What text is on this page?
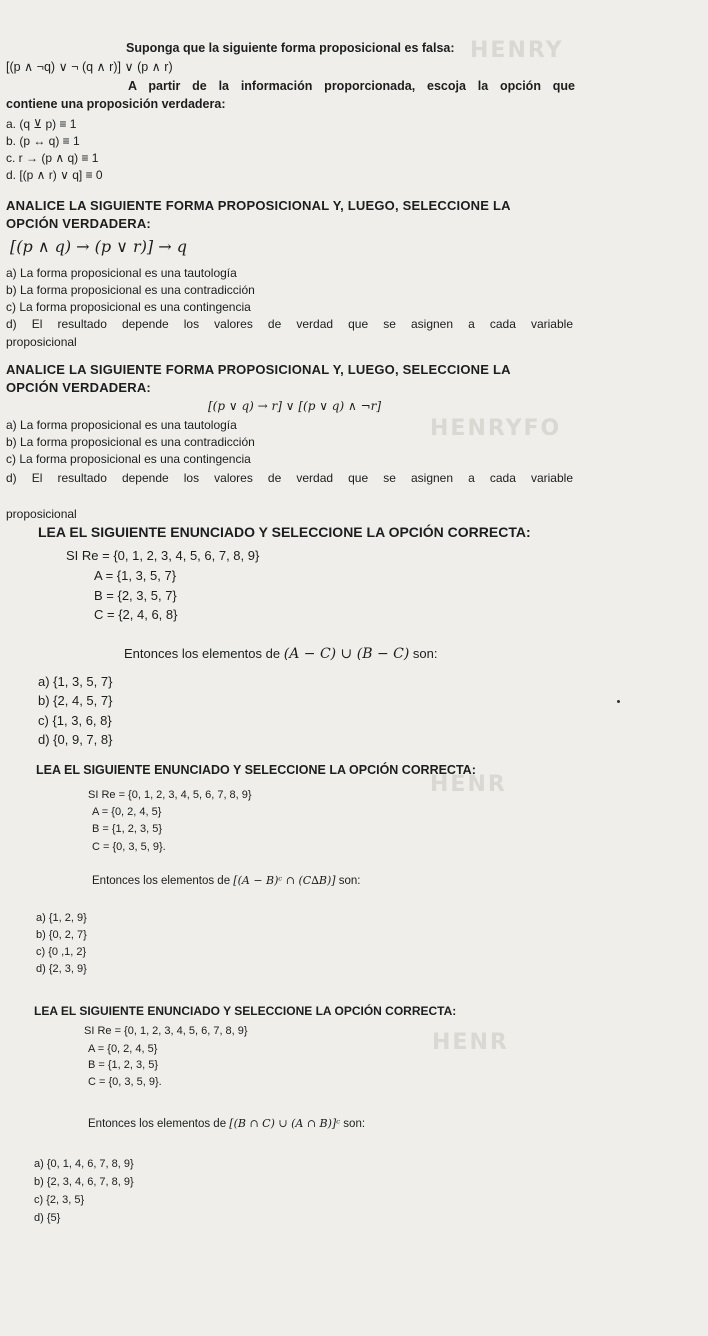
HENRY
HENRYFO
HENR
HENR
Suponga que la siguiente forma proposicional es falsa:
[(p ∧ ¬q) ∨ ¬ (q ∧ r)] ∨ (p ∧ r)
A partir de la información proporcionada, escoja la opción que
contiene una proposición verdadera:
a. (q ⊻ p) ≡ 1
b. (p ↔ q) ≡ 1
c. r → (p ∧ q) ≡ 1
d. [(p ∧ r) ∨ q] ≡ 0
ANALICE LA SIGUIENTE FORMA PROPOSICIONAL Y, LUEGO, SELECCIONE LA
OPCIÓN VERDADERA:
[(p ∧ q) → (p ∨ r)] → q
a) La forma proposicional es una tautología
b) La forma proposicional es una contradicción
c) La forma proposicional es una contingencia
d) El resultado depende los valores de verdad que se asignen a cada variable
proposicional
ANALICE LA SIGUIENTE FORMA PROPOSICIONAL Y, LUEGO, SELECCIONE LA
OPCIÓN VERDADERA:
[(p ∨ q) → r] ∨ [(p ∨ q) ∧ ¬r]
a) La forma proposicional es una tautología
b) La forma proposicional es una contradicción
c) La forma proposicional es una contingencia
d) El resultado depende los valores de verdad que se asignen a cada variable
proposicional
LEA EL SIGUIENTE ENUNCIADO Y SELECCIONE LA OPCIÓN CORRECTA:
SI Re = {0, 1, 2, 3, 4, 5, 6, 7, 8, 9}
A = {1, 3, 5, 7}
B = {2, 3, 5, 7}
C = {2, 4, 6, 8}
Entonces los elementos de (A − C) ∪ (B − C) son:
a) {1, 3, 5, 7}
b) {2, 4, 5, 7}
c) {1, 3, 6, 8}
d) {0, 9, 7, 8}
LEA EL SIGUIENTE ENUNCIADO Y SELECCIONE LA OPCIÓN CORRECTA:
SI Re = {0, 1, 2, 3, 4, 5, 6, 7, 8, 9}
A = {0, 2, 4, 5}
B = {1, 2, 3, 5}
C = {0, 3, 5, 9}.
Entonces los elementos de [(A − B)ᶜ ∩ (C∆B)] son:
a) {1, 2, 9}
b) {0, 2, 7}
c) {0 ,1, 2}
d) {2, 3, 9}
LEA EL SIGUIENTE ENUNCIADO Y SELECCIONE LA OPCIÓN CORRECTA:
SI Re = {0, 1, 2, 3, 4, 5, 6, 7, 8, 9}
A = {0, 2, 4, 5}
B = {1, 2, 3, 5}
C = {0, 3, 5, 9}.
Entonces los elementos de [(B ∩ C) ∪ (A ∩ B)]ᶜ son:
a) {0, 1, 4, 6, 7, 8, 9}
b) {2, 3, 4, 6, 7, 8, 9}
c) {2, 3, 5}
d) {5}
